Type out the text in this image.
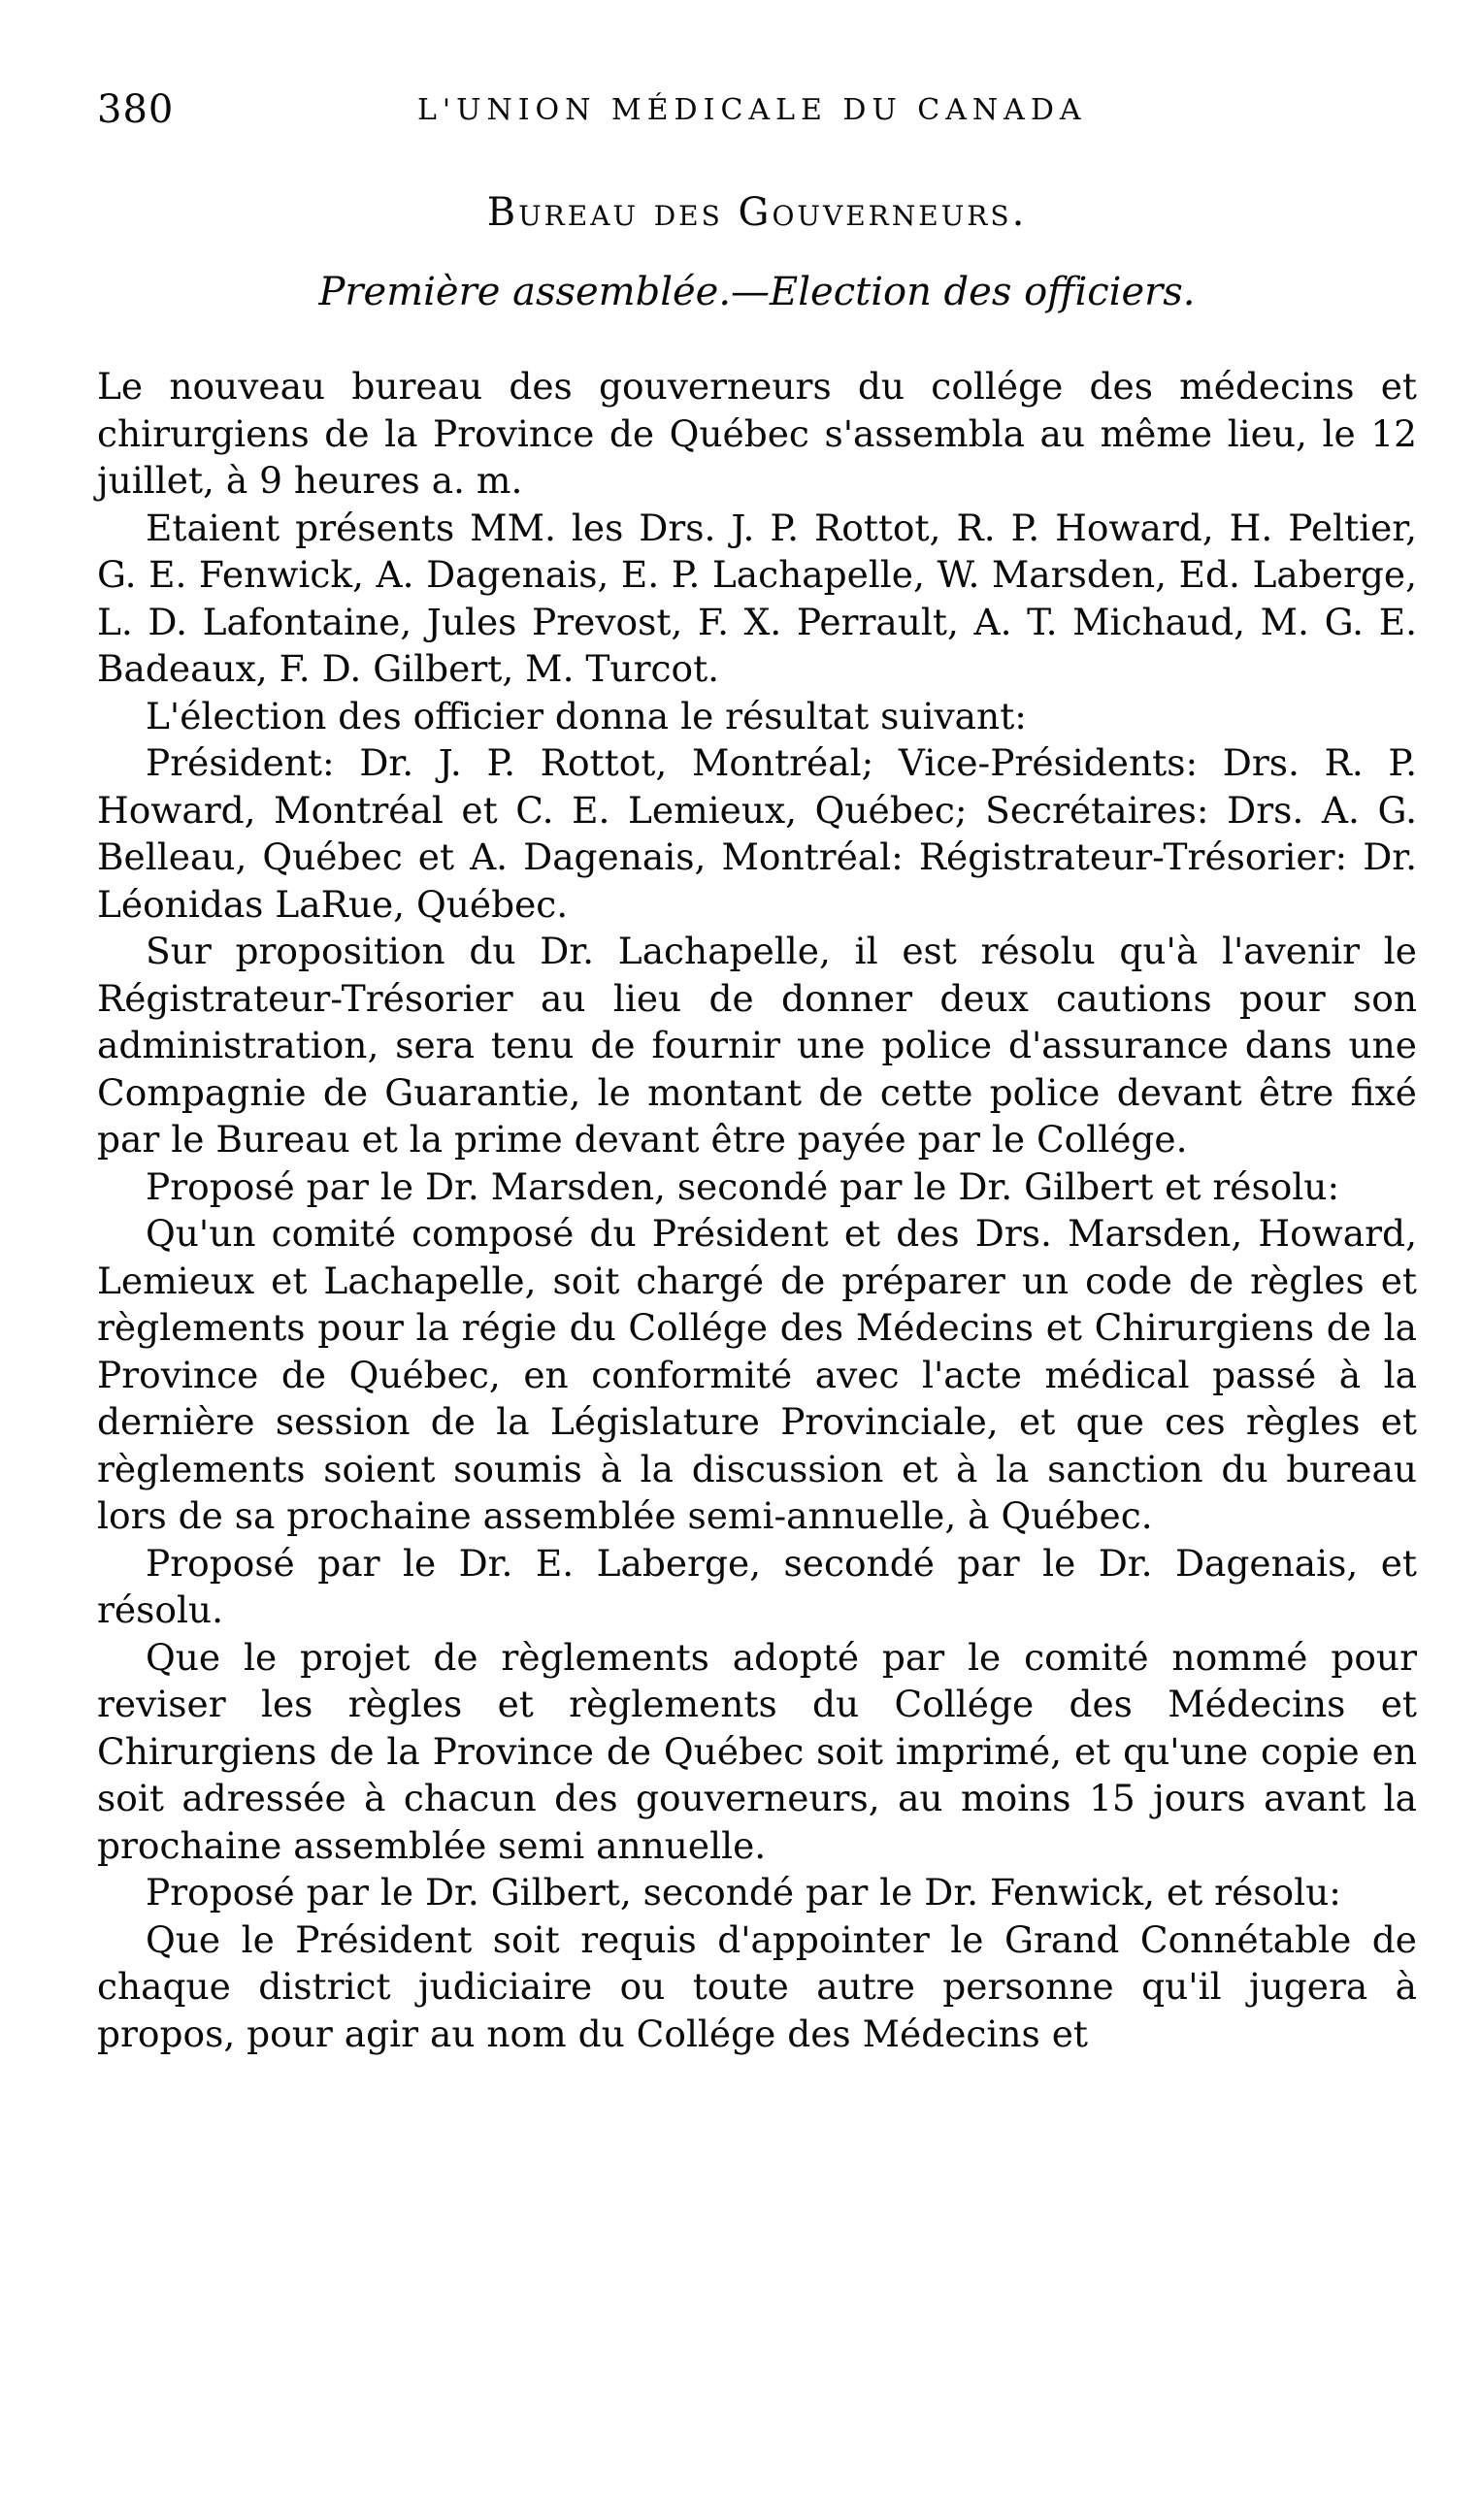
380	L'UNION MÉDICALE DU CANADA
Bureau des Gouverneurs.
Première assemblée.—Election des officiers.

Le nouveau bureau des gouverneurs du collége des médecins et chirurgiens de la Province de Québec s'assembla au même lieu, le 12 juillet, à 9 heures a. m.

Etaient présents MM. les Drs. J. P. Rottot, R. P. Howard, H. Peltier, G. E. Fenwick, A. Dagenais, E. P. Lachapelle, W. Marsden, Ed. Laberge, L. D. Lafontaine, Jules Prevost, F. X. Perrault, A. T. Michaud, M. G. E. Badeaux, F. D. Gilbert, M. Turcot.

L'élection des officier donna le résultat suivant:

Président: Dr. J. P. Rottot, Montréal; Vice-Présidents: Drs. R. P. Howard, Montréal et C. E. Lemieux, Québec; Secrétaires: Drs. A. G. Belleau, Québec et A. Dagenais, Montréal: Régistrateur-Trésorier: Dr. Léonidas LaRue, Québec.

Sur proposition du Dr. Lachapelle, il est résolu qu'à l'avenir le Régistrateur-Trésorier au lieu de donner deux cautions pour son administration, sera tenu de fournir une police d'assurance dans une Compagnie de Guarantie, le montant de cette police devant être fixé par le Bureau et la prime devant être payée par le Collége.

Proposé par le Dr. Marsden, secondé par le Dr. Gilbert et résolu:

Qu'un comité composé du Président et des Drs. Marsden, Howard, Lemieux et Lachapelle, soit chargé de préparer un code de règles et règlements pour la régie du Collége des Médecins et Chirurgiens de la Province de Québec, en conformité avec l'acte médical passé à la dernière session de la Législature Provinciale, et que ces règles et règlements soient soumis à la discussion et à la sanction du bureau lors de sa prochaine assemblée semi-annuelle, à Québec.

Proposé par le Dr. E. Laberge, secondé par le Dr. Dagenais, et résolu.

Que le projet de règlements adopté par le comité nommé pour reviser les règles et règlements du Collége des Médecins et Chirurgiens de la Province de Québec soit imprimé, et qu'une copie en soit adressée à chacun des gouverneurs, au moins 15 jours avant la prochaine assemblée semi annuelle.

Proposé par le Dr. Gilbert, secondé par le Dr. Fenwick, et résolu:

Que le Président soit requis d'appointer le Grand Connétable de chaque district judiciaire ou toute autre personne qu'il jugera à propos, pour agir au nom du Collége des Médecins et
